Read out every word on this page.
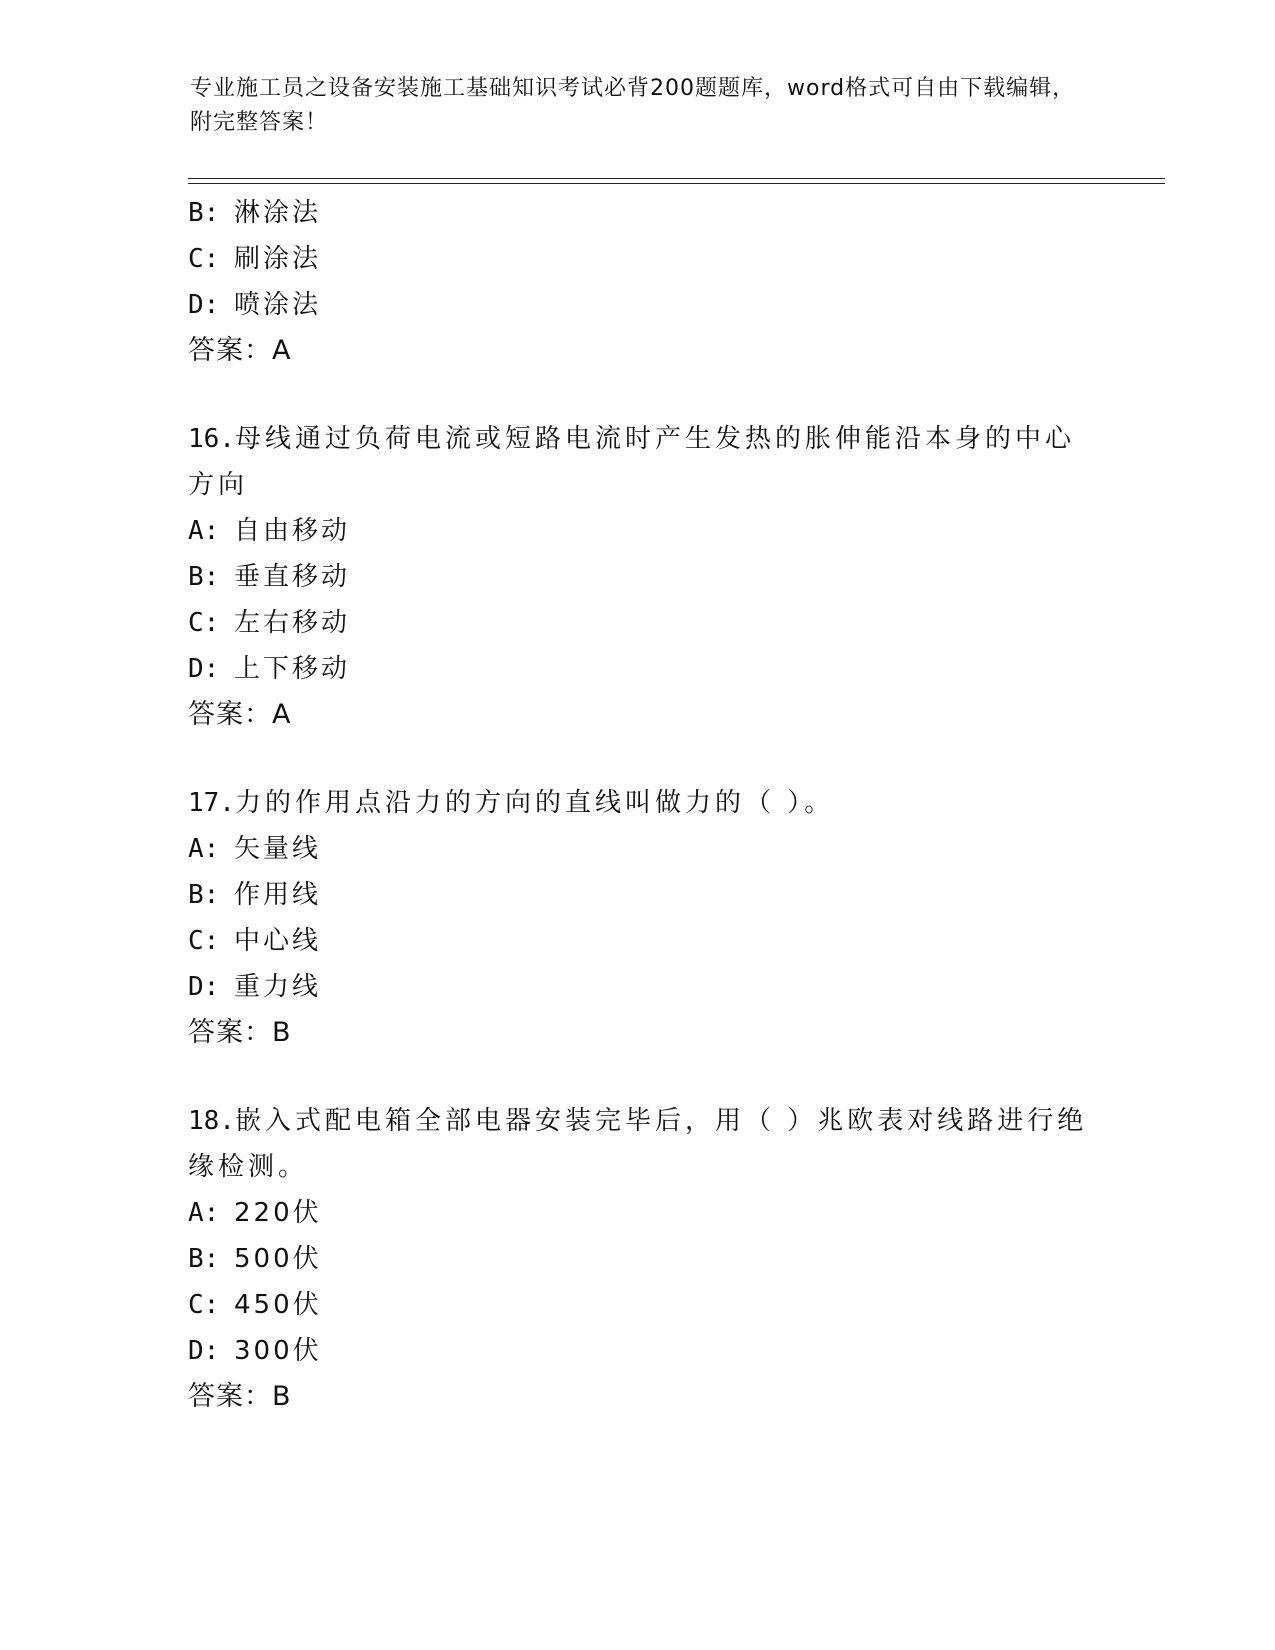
专业施工员之设备安装施工基础知识考试必背200题题库，word格式可自由下载编辑，附完整答案！
B: 淋涂法
C: 刷涂法
D: 喷涂法
答案：A
16.母线通过负荷电流或短路电流时产生发热的胀伸能沿本身的中心方向
A: 自由移动
B: 垂直移动
C: 左右移动
D: 上下移动
答案：A
17.力的作用点沿力的方向的直线叫做力的（ ）。
A: 矢量线
B: 作用线
C: 中心线
D: 重力线
答案：B
18.嵌入式配电箱全部电器安装完毕后，用（ ）兆欧表对线路进行绝缘检测。
A: 220伏
B: 500伏
C: 450伏
D: 300伏
答案：B
